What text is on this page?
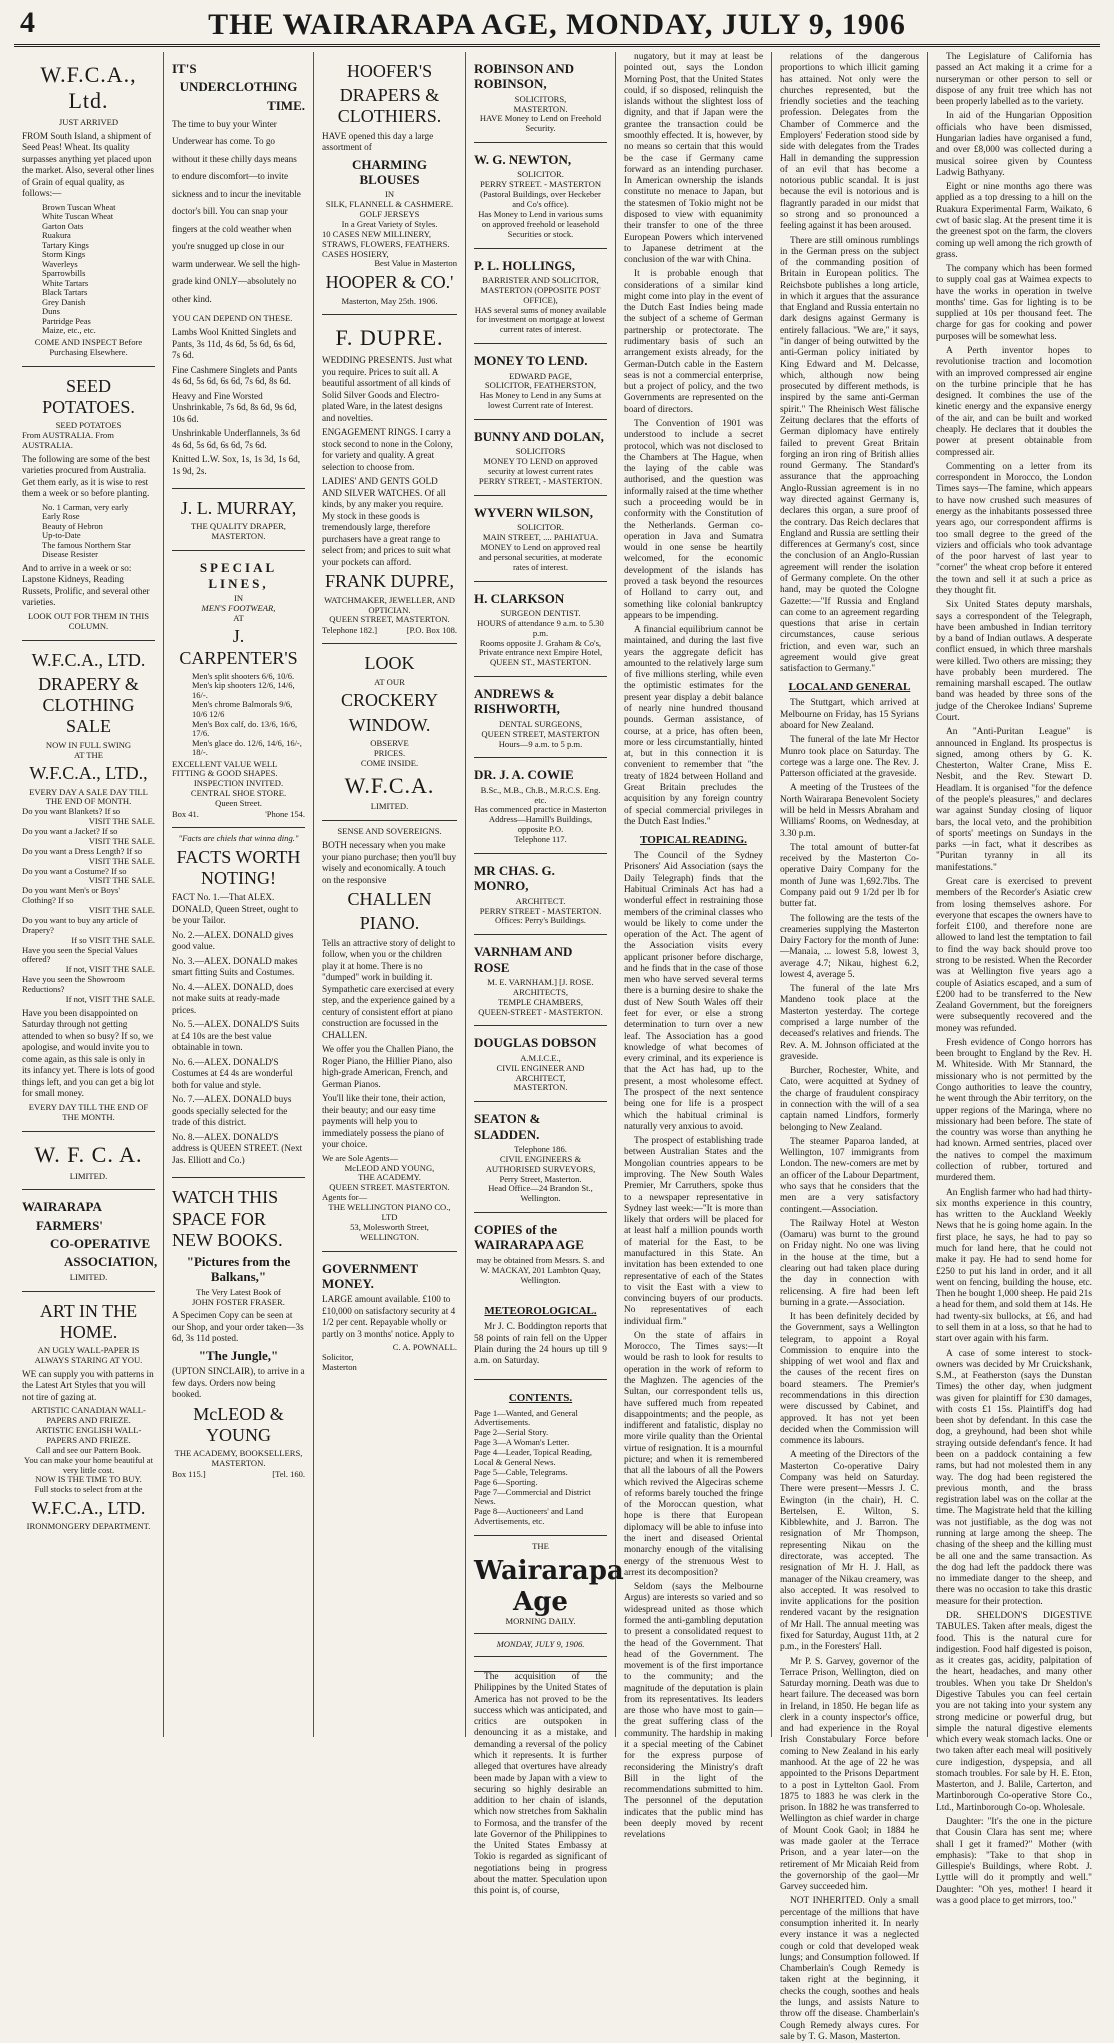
4	THE WAIRARAPA AGE, MONDAY, JULY 9, 1906
W.F.C.A., Ltd.
JUST ARRIVED
FROM South Island, a shipment of Seed Peas! Wheat. Its quality surpasses anything yet placed upon the market. Also, several other lines of Grain of equal quality, as follows:—
Brown Tuscan Wheat
White Tuscan Wheat
Garton Oats
Ruakura
Tartary Kings
Storm Kings
Waverleys
Sparrowbills
White Tartars
Black Tartars
Grey Danish
Duns
Partridge Peas
Maize, etc., etc.
COME AND INSPECT Before Purchasing Elsewhere.
SEED POTATOES.
SEED POTATOES
From AUSTRALIA. From AUSTRALIA.
The following are some of the best varieties procured from Australia. Get them early, as it is wise to rest them a week or so before planting.
No. 1 Carman, very early
Early Rose
Beauty of Hebron
Up-to-Date
The famous Northern Star Disease Resister
And to arrive in a week or so: Lapstone Kidneys, Reading Russets, Prolific, and several other varieties.
LOOK OUT FOR THEM IN THIS COLUMN.
W.F.C.A., LTD.
DRAPERY & CLOTHING SALE
NOW IN FULL SWING
AT THE
W.F.C.A., LTD.,
EVERY DAY A SALE DAY TILL THE END OF MONTH.
Do you want Blankets? If so
VISIT THE SALE.
Do you want a Jacket? If so
VISIT THE SALE.
Do you want a Dress Length? If so
VISIT THE SALE.
Do you want a Costume? If so
VISIT THE SALE.
Do you want Men's or Boys' Clothing? If so
VISIT THE SALE.
Do you want to buy any article of Drapery?
If so VISIT THE SALE.
Have you seen the Special Values offered?
If not, VISIT THE SALE.
Have you seen the Showroom Reductions?
If not, VISIT THE SALE.
Have you been disappointed on Saturday through not getting attended to when so busy? If so, we apologise, and would invite you to come again, as this sale is only in its infancy yet. There is lots of good things left, and you can get a big lot for small money.
EVERY DAY TILL THE END OF THE MONTH.
W. F. C. A.
LIMITED.
WAIRARAPA
FARMERS'
CO-OPERATIVE
ASSOCIATION,
LIMITED.
ART IN THE HOME.
AN UGLY WALL-PAPER IS ALWAYS STARING AT YOU.
WE can supply you with patterns in the Latest Art Styles that you will not tire of gazing at.
ARTISTIC CANADIAN WALL-PAPERS AND FRIEZE.
ARTISTIC ENGLISH WALL-PAPERS AND FRIEZE.
Call and see our Pattern Book.
You can make your home beautiful at very little cost.
NOW IS THE TIME TO BUY.
Full stocks to select from at the
W.F.C.A., LTD.
IRONMONGERY DEPARTMENT.
IT'S
UNDERCLOTHING
TIME.
The time to buy your Winter Underwear has come. To go without it these chilly days means to endure discomfort—to invite sickness and to incur the inevitable doctor's bill. You can snap your fingers at the cold weather when you're snugged up close in our warm underwear. We sell the high-grade kind ONLY—absolutely no other kind.
YOU CAN DEPEND ON THESE.
Lambs Wool Knitted Singlets and Pants, 3s 11d, 4s 6d, 5s 6d, 6s 6d, 7s 6d.
Fine Cashmere Singlets and Pants 4s 6d, 5s 6d, 6s 6d, 7s 6d, 8s 6d.
Heavy and Fine Worsted Unshrinkable, 7s 6d, 8s 6d, 9s 6d, 10s 6d.
Unshrinkable Underflannels, 3s 6d 4s 6d, 5s 6d, 6s 6d, 7s 6d.
Knitted L.W. Sox, 1s, 1s 3d, 1s 6d, 1s 9d, 2s.
J. L. MURRAY,
THE QUALITY DRAPER,
MASTERTON.
SPECIAL LINES,
IN
MEN'S FOOTWEAR,
AT
J. CARPENTER'S
Men's split shooters 6/6, 10/6.
Men's kip shooters 12/6, 14/6, 16/-.
Men's chrome Balmorals 9/6, 10/6 12/6
Men's Box calf, do. 13/6, 16/6, 17/6.
Men's glace do. 12/6, 14/6, 16/-, 18/-.
EXCELLENT VALUE WELL FITTING & GOOD SHAPES.
INSPECTION INVITED.
CENTRAL SHOE STORE.
Queen Street.
Box 41.	'Phone 154.
"Facts are chiels that winna ding."
FACTS WORTH NOTING!
FACT No. 1.—That ALEX. DONALD, Queen Street, ought to be your Tailor.
No. 2.—ALEX. DONALD gives good value.
No. 3.—ALEX. DONALD makes smart fitting Suits and Costumes.
No. 4.—ALEX. DONALD, does not make suits at ready-made prices.
No. 5.—ALEX. DONALD'S Suits at £4 10s are the best value obtainable in town.
No. 6.—ALEX. DONALD'S Costumes at £4 4s are wonderful both for value and style.
No. 7.—ALEX. DONALD buys goods specially selected for the trade of this district.
No. 8.—ALEX. DONALD'S address is QUEEN STREET. (Next Jas. Elliott and Co.)
WATCH THIS SPACE FOR NEW BOOKS.
"Pictures from the Balkans,"
The Very Latest Book of
JOHN FOSTER FRASER.
A Specimen Copy can be seen at our Shop, and your order taken—3s 6d, 3s 11d posted.
"The Jungle,"
(UPTON SINCLAIR), to arrive in a few days. Orders now being booked.
McLEOD & YOUNG
THE ACADEMY, BOOKSELLERS, MASTERTON.
Box 115.]	[Tel. 160.
HOOFER'S
DRAPERS & CLOTHIERS.
HAVE opened this day a large assortment of
CHARMING BLOUSES
IN
SILK, FLANNELL & CASHMERE.
GOLF JERSEYS
In a Great Variety of Styles.
10 CASES NEW MILLINERY,
STRAWS, FLOWERS, FEATHERS.
CASES HOSIERY,
Best Value in Masterton
HOOPER & CO.'
Masterton, May 25th. 1906.
F. DUPRE.
WEDDING PRESENTS. Just what you require. Prices to suit all. A beautiful assortment of all kinds of Solid Silver Goods and Electro-plated Ware, in the latest designs and novelties.
ENGAGEMENT RINGS. I carry a stock second to none in the Colony, for variety and quality. A great selection to choose from.
LADIES' AND GENTS GOLD AND SILVER WATCHES. Of all kinds, by any maker you require. My stock in these goods is tremendously large, therefore purchasers have a great range to select from; and prices to suit what your pockets can afford.
FRANK DUPRE,
WATCHMAKER, JEWELLER, AND OPTICIAN.
QUEEN STREET, MASTERTON.
Telephone 182.]	[P.O. Box 108.
LOOK
AT OUR
CROCKERY
WINDOW.
OBSERVE
PRICES.
COME INSIDE.
W.F.C.A.
LIMITED.
SENSE AND SOVEREIGNS.
BOTH necessary when you make your piano purchase; then you'll buy wisely and economically. A touch on the responsive
CHALLEN
PIANO.
Tells an attractive story of delight to follow, when you or the children play it at home. There is no "dumped" work in building it. Sympathetic care exercised at every step, and the experience gained by a century of consistent effort at piano construction are focussed in the CHALLEN.
We offer you the Challen Piano, the Roger Piano, the Hillier Piano, also high-grade American, French, and German Pianos.
You'll like their tone, their action, their beauty; and our easy time payments will help you to immediately possess the piano of your choice.
We are Sole Agents—
McLEOD AND YOUNG,
THE ACADEMY.
QUEEN STREET. MASTERTON.
Agents for—
THE WELLINGTON PIANO CO., LTD
53, Molesworth Street,
WELLINGTON.
GOVERNMENT MONEY.
LARGE amount available. £100 to £10,000 on satisfactory security at 4 1/2 per cent. Repayable wholly or partly on 3 months' notice. Apply to
C. A. POWNALL.
Solicitor,
Masterton
ROBINSON AND ROBINSON,
SOLICITORS,
MASTERTON.
HAVE Money to Lend on Freehold Security.
W. G. NEWTON,
SOLICITOR.
PERRY STREET. - MASTERTON
(Pastoral Buildings, over Heckeber and Co's office).
Has Money to Lend in various sums on approved freehold or leasehold Securities or stock.
P. L. HOLLINGS,
BARRISTER AND SOLICITOR,
MASTERTON (OPPOSITE POST OFFICE),
HAS several sums of money available for investment on mortgage at lowest current rates of interest.
MONEY TO LEND.
EDWARD PAGE,
SOLICITOR, FEATHERSTON,
Has Money to Lend in any Sums at lowest Current rate of Interest.
BUNNY AND DOLAN,
SOLICITORS
MONEY TO LEND on approved security at lowest current rates
PERRY STREET, - MASTERTON.
WYVERN WILSON,
SOLICITOR.
MAIN STREET, .... PAHIATUA.
MONEY to Lend on approved real and personal securities, at moderate rates of interest.
H. CLARKSON
SURGEON DENTIST.
HOURS of attendance 9 a.m. to 5.30 p.m.
Rooms opposite J. Graham & Co's, Private entrance next Empire Hotel, QUEEN ST., MASTERTON.
ANDREWS & RISHWORTH,
DENTAL SURGEONS,
QUEEN STREET, MASTERTON
Hours—9 a.m. to 5 p.m.
DR. J. A. COWIE
B.Sc., M.B., Ch.B., M.R.C.S. Eng. etc.
Has commenced practice in Masterton Address—Hamill's Buildings, opposite P.O.
Telephone 117.
MR CHAS. G. MONRO,
ARCHITECT.
PERRY STREET - MASTERTON.
Offices: Perry's Buildings.
VARNHAM AND ROSE
M. E. VARNHAM.] [J. ROSE.
ARCHITECTS,
TEMPLE CHAMBERS,
QUEEN-STREET - MASTERTON.
DOUGLAS DOBSON
A.M.I.C.E.,
CIVIL ENGINEER AND ARCHITECT,
MASTERTON.
SEATON & SLADDEN.
Telephone 186.
CIVIL ENGINEERS & AUTHORISED SURVEYORS,
Perry Street, Masterton.
Head Office—24 Brandon St., Wellington.
COPIES of the WAIRARAPA AGE
may be obtained from Messrs. S. and W. MACKAY, 201 Lambton Quay, Wellington.
METEOROLOGICAL.
Mr J. C. Boddington reports that 58 points of rain fell on the Upper Plain during the 24 hours up till 9 a.m. on Saturday.
CONTENTS.
Page 1—Wanted, and General Advertisements.
Page 2—Serial Story.
Page 3—A Woman's Letter.
Page 4—Leader, Topical Reading, Local & General News.
Page 5—Cable, Telegrams.
Page 6—Sporting.
Page 7—Commercial and District News.
Page 8—Auctioneers' and Land Advertisements, etc.
THE
Wairarapa Age
MORNING DAILY.
MONDAY, JULY 9, 1906.
The acquisition of the Philippines by the United States of America has not proved to be the success which was anticipated, and critics are outspoken in denouncing it as a mistake, and demanding a reversal of the policy which it represents. It is further alleged that overtures have already been made by Japan with a view to securing so highly desirable an addition to her chain of islands, which now stretches from Sakhalin to Formosa, and the transfer of the late Governor of the Philippines to the United States Embassy at Tokio is regarded as significant of negotiations being in progress about the matter. Speculation upon this point is, of course,

nugatory, but it may at least be pointed out, says the London Morning Post, that the United States could, if so disposed, relinquish the islands without the slightest loss of dignity, and that if Japan were the grantee the transaction could be smoothly effected. It is, however, by no means so certain that this would be the case if Germany came forward as an intending purchaser. In American ownership the islands constitute no menace to Japan, but the statesmen of Tokio might not be disposed to view with equanimity their transfer to one of the three European Powers which intervened to Japanese detriment at the conclusion of the war with China.

It is probable enough that considerations of a similar kind might come into play in the event of the Dutch East Indies being made the subject of a scheme of German partnership or protectorate. The rudimentary basis of such an arrangement exists already, for the German-Dutch cable in the Eastern seas is not a commercial enterprise, but a project of policy, and the two Governments are represented on the board of directors.

The Convention of 1901 was understood to include a secret protocol, which was not disclosed to the Chambers at The Hague, when the laying of the cable was authorised, and the question was informally raised at the time whether such a proceeding would be in conformity with the Constitution of the Netherlands. German co-operation in Java and Sumatra would in one sense be heartily welcomed, for the economic development of the islands has proved a task beyond the resources of Holland to carry out, and something like colonial bankruptcy appears to be impending.

A financial equilibrium cannot be maintained, and during the last five years the aggregate deficit has amounted to the relatively large sum of five millions sterling, while even the optimistic estimates for the present year display a debit balance of nearly nine hundred thousand pounds. German assistance, of course, at a price, has often been, more or less circumstantially, hinted at, but in this connection it is convenient to remember that "the treaty of 1824 between Holland and Great Britain precludes the acquisition by any foreign country of special commercial privileges in the Dutch East Indies."

TOPICAL READING.

The Council of the Sydney Prisoners' Aid Association (says the Daily Telegraph) finds that the Habitual Criminals Act has had a wonderful effect in restraining those members of the criminal classes who would be likely to come under the operation of the Act. The agent of the Association visits every applicant prisoner before discharge, and he finds that in the case of those men who have served several terms there is a burning desire to shake the dust of New South Wales off their feet for ever, or else a strong determination to turn over a new leaf. The Association has a good knowledge of what becomes of every criminal, and its experience is that the Act has had, up to the present, a most wholesome effect. The prospect of the next sentence being one for life is a prospect which the habitual criminal is naturally very anxious to avoid.

The prospect of establishing trade between Australian States and the Mongolian countries appears to be improving. The New South Wales Premier, Mr Carruthers, spoke thus to a newspaper representative in Sydney last week:—"It is more than likely that orders will be placed for at least half a million pounds worth of material for the East, to be manufactured in this State. An invitation has been extended to one representative of each of the States to visit the East with a view to convincing buyers of our products. No representatives of each individual firm."

On the state of affairs in Morocco, The Times says:—It would be rash to look for results to operation in the work of reform to the Maghzen. The agencies of the Sultan, our correspondent tells us, have suffered much from repeated disappointments; and the people, as indifferent and fatalistic, display no more virile quality than the Oriental virtue of resignation. It is a mournful picture; and when it is remembered that all the labours of all the Powers which revived the Algeciras scheme of reforms barely touched the fringe of the Moroccan question, what hope is there that European diplomacy will be able to infuse into the inert and diseased Oriental monarchy enough of the vitalising energy of the strenuous West to arrest its decomposition?

Seldom (says the Melbourne Argus) are interests so varied and so widespread united as those which formed the anti-gambling deputation to present a consolidated request to the head of the Government. That head of the Government. The movement is of the first importance to the community; and the magnitude of the deputation is plain from its representatives. Its leaders are those who have most to gain—the great suffering class of the community. The hardship in making it a special meeting of the Cabinet for the express purpose of reconsidering the Ministry's draft Bill in the light of the recommendations submitted to him. The personnel of the deputation indicates that the public mind has been deeply moved by recent revelations

relations of the dangerous proportions to which illicit gaming has attained. Not only were the churches represented, but the friendly societies and the teaching profession. Delegates from the Chamber of Commerce and the Employers' Federation stood side by side with delegates from the Trades Hall in demanding the suppression of an evil that has become a notorious public scandal. It is just because the evil is notorious and is flagrantly paraded in our midst that so strong and so pronounced a feeling against it has been aroused.

There are still ominous rumblings in the German press on the subject of the commanding position of Britain in European politics. The Reichsbote publishes a long article, in which it argues that the assurance that England and Russia entertain no dark designs against Germany is entirely fallacious. "We are," it says, "in danger of being outwitted by the anti-German policy initiated by King Edward and M. Delcasse, which, although now being prosecuted by different methods, is inspired by the same anti-German spirit." The Rheinisch West fälische Zeitung declares that the efforts of German diplomacy have entirely failed to prevent Great Britain forging an iron ring of British allies round Germany. The Standard's assurance that the approaching Anglo-Russian agreement is in no way directed against Germany is, declares this organ, a sure proof of the contrary. Das Reich declares that England and Russia are settling their differences at Germany's cost, since the conclusion of an Anglo-Russian agreement will render the isolation of Germany complete. On the other hand, may be quoted the Cologne Gazette:—"If Russia and England can come to an agreement regarding questions that arise in certain circumstances, cause serious friction, and even war, such an agreement would give great satisfaction to Germany."

LOCAL AND GENERAL

The Stuttgart, which arrived at Melbourne on Friday, has 15 Syrians aboard for New Zealand.

The funeral of the late Mr Hector Munro took place on Saturday. The cortege was a large one. The Rev. J. Patterson officiated at the graveside.

A meeting of the Trustees of the North Wairarapa Benevolent Society will be held in Messrs Abraham and Williams' Rooms, on Wednesday, at 3.30 p.m.

The total amount of butter-fat received by the Masterton Co-operative Dairy Company for the month of June was 1,692.7lbs. The Company paid out 9 1/2d per lb for butter fat.

The following are the tests of the creameries supplying the Masterton Dairy Factory for the month of June:—Manaia, ... lowest 5.8, lowest 3, average 4.7; Nikau, highest 6.2, lowest 4, average 5.

The funeral of the late Mrs Mandeno took place at the Masterton yesterday. The cortege comprised a large number of the deceased's relatives and friends. The Rev. A. M. Johnson officiated at the graveside.

Burcher, Rochester, White, and Cato, were acquitted at Sydney of the charge of fraudulent conspiracy in connection with the will of a sea captain named Lindfors, formerly belonging to New Zealand.

The steamer Paparoa landed, at Wellington, 107 immigrants from London. The new-comers are met by an officer of the Labour Department, who says that he considers that the men are a very satisfactory contingent.—Association.

The Railway Hotel at Weston (Oamaru) was burnt to the ground on Friday night. No one was living in the house at the time, but a clearing out had taken place during the day in connection with relicensing. A fire had been left burning in a grate.—Association.

It has been definitely decided by the Government, says a Wellington telegram, to appoint a Royal Commission to enquire into the shipping of wet wool and flax and the causes of the recent fires on board steamers. The Premier's recommendations in this direction were discussed by Cabinet, and approved. It has not yet been decided when the Commission will commence its labours.

A meeting of the Directors of the Masterton Co-operative Dairy Company was held on Saturday. There were present—Messrs J. C. Ewington (in the chair), H. C. Bertelsen, E. Wilton, S. Kibblewhite, and J. Barron. The resignation of Mr Thompson, representing Nikau on the directorate, was accepted. The resignation of Mr H. J. Hall, as manager of the Nikau creamery, was also accepted. It was resolved to invite applications for the position rendered vacant by the resignation of Mr Hall. The annual meeting was fixed for Saturday, August 11th, at 2 p.m., in the Foresters' Hall.

Mr P. S. Garvey, governor of the Terrace Prison, Wellington, died on Saturday morning. Death was due to heart failure. The deceased was born in Ireland, in 1850. He began life as clerk in a county inspector's office, and had experience in the Royal Irish Constabulary Force before coming to New Zealand in his early manhood. At the age of 22 he was appointed to the Prisons Department to a post in Lyttelton Gaol. From 1875 to 1883 he was clerk in the prison. In 1882 he was transferred to Wellington as chief warder in charge of Mount Cook Gaol; in 1884 he was made gaoler at the Terrace Prison, and a year later—on the retirement of Mr Micaiah Reid from the governorship of the gaol—Mr Garvey succeeded him.

NOT INHERITED. Only a small percentage of the millions that have consumption inherited it. In nearly every instance it was a neglected cough or cold that developed weak lungs; and Consumption followed. If Chamberlain's Cough Remedy is taken right at the beginning, it checks the cough, soothes and heals the lungs, and assists Nature to throw off the disease. Chamberlain's Cough Remedy always cures. For sale by T. G. Mason, Masterton.

The Legislature of California has passed an Act making it a crime for a nurseryman or other person to sell or dispose of any fruit tree which has not been properly labelled as to the variety.

In aid of the Hungarian Opposition officials who have been dismissed, Hungarian ladies have organised a fund, and over £8,000 was collected during a musical soiree given by Countess Ladwig Bathyany.

Eight or nine months ago there was applied as a top dressing to a hill on the Ruakura Experimental Farm, Waikato, 6 cwt of basic slag. At the present time it is the greenest spot on the farm, the clovers coming up well among the rich growth of grass.

The company which has been formed to supply coal gas at Waimea expects to have the works in operation in twelve months' time. Gas for lighting is to be supplied at 10s per thousand feet. The charge for gas for cooking and power purposes will be somewhat less.

A Perth inventor hopes to revolutionise traction and locomotion with an improved compressed air engine on the turbine principle that he has designed. It combines the use of the kinetic energy and the expansive energy of the air, and can be built and worked cheaply. He declares that it doubles the power at present obtainable from compressed air.

Commenting on a letter from its correspondent in Morocco, the London Times says—The famine, which appears to have now crushed such measures of energy as the inhabitants possessed three years ago, our correspondent affirms is too small degree to the greed of the viziers and officials who took advantage of the poor harvest of last year to "corner" the wheat crop before it entered the town and sell it at such a price as they thought fit.

Six United States deputy marshals, says a correspondent of the Telegraph, have been ambushed in Indian territory by a band of Indian outlaws. A desperate conflict ensued, in which three marshals were killed. Two others are missing; they have probably been murdered. The remaining marshall escaped. The outlaw band was headed by three sons of the judge of the Cherokee Indians' Supreme Court.

An "Anti-Puritan League" is announced in England. Its prospectus is signed, among others by G. K. Chesterton, Walter Crane, Miss E. Nesbit, and the Rev. Stewart D. Headlam. It is organised "for the defence of the people's pleasures," and declares war against Sunday closing of liquor bars, the local veto, and the prohibition of sports' meetings on Sundays in the parks —in fact, what it describes as "Puritan tyranny in all its manifestations."

Great care is exercised to prevent members of the Recorder's Asiatic crew from losing themselves ashore. For everyone that escapes the owners have to forfeit £100, and therefore none are allowed to land lest the temptation to fail to find the way back should prove too strong to be resisted. When the Recorder was at Wellington five years ago a couple of Asiatics escaped, and a sum of £200 had to be transferred to the New Zealand Government, but the foreigners were subsequently recovered and the money was refunded.

Fresh evidence of Congo horrors has been brought to England by the Rev. H. M. Whiteside. With Mr Stannard, the missionary who is not permitted by the Congo authorities to leave the country, he went through the Abir territory, on the upper regions of the Maringa, where no missionary had been before. The state of the country was worse than anything he had known. Armed sentries, placed over the natives to compel the maximum collection of rubber, tortured and murdered them.

An English farmer who had had thirty-six months experience in this country, has written to the Auckland Weekly News that he is going home again. In the first place, he says, he had to pay so much for land here, that he could not make it pay. He had to send home for £250 to put his land in order, and it all went on fencing, building the house, etc. Then he bought 1,000 sheep. He paid 21s a head for them, and sold them at 14s. He had twenty-six bullocks, at £6, and had to sell them in at a loss, so that he had to start over again with his farm.

A case of some interest to stock-owners was decided by Mr Cruickshank, S.M., at Featherston (says the Dunstan Times) the other day, when judgment was given for plaintiff for £30 damages, with costs £1 15s. Plaintiff's dog had been shot by defendant. In this case the dog, a greyhound, had been shot while straying outside defendant's fence. It had been on a paddock containing a few rams, but had not molested them in any way. The dog had been registered the previous month, and the brass registration label was on the collar at the time. The Magistrate held that the killing was not justifiable, as the dog was not running at large among the sheep. The chasing of the sheep and the killing must be all one and the same transaction. As the dog had left the paddock there was no immediate danger to the sheep, and there was no occasion to take this drastic measure for their protection.

DR. SHELDON'S DIGESTIVE TABULES. Taken after meals, digest the food. This is the natural cure for indigestion. Food half digested is poison, as it creates gas, acidity, palpitation of the heart, headaches, and many other troubles. When you take Dr Sheldon's Digestive Tabules you can feel certain you are not taking into your system any strong medicine or powerful drug, but simple the natural digestive elements which every weak stomach lacks. One or two taken after each meal will positively cure indigestion, dyspepsia, and all stomach troubles. For sale by H. E. Eton, Masterton, and J. Balile, Carterton, and Martinborough Co-operative Store Co., Ltd., Martinborough Co-op. Wholesale.

Daughter: "It's the one in the picture that Cousin Clara has sent me; where shall I get it framed?" Mother (with emphasis): "Take to that shop in Gillespie's Buildings, where Robt. J. Lyttle will do it promptly and well." Daughter: "Oh yes, mother! I heard it was a good place to get mirrors, too."
